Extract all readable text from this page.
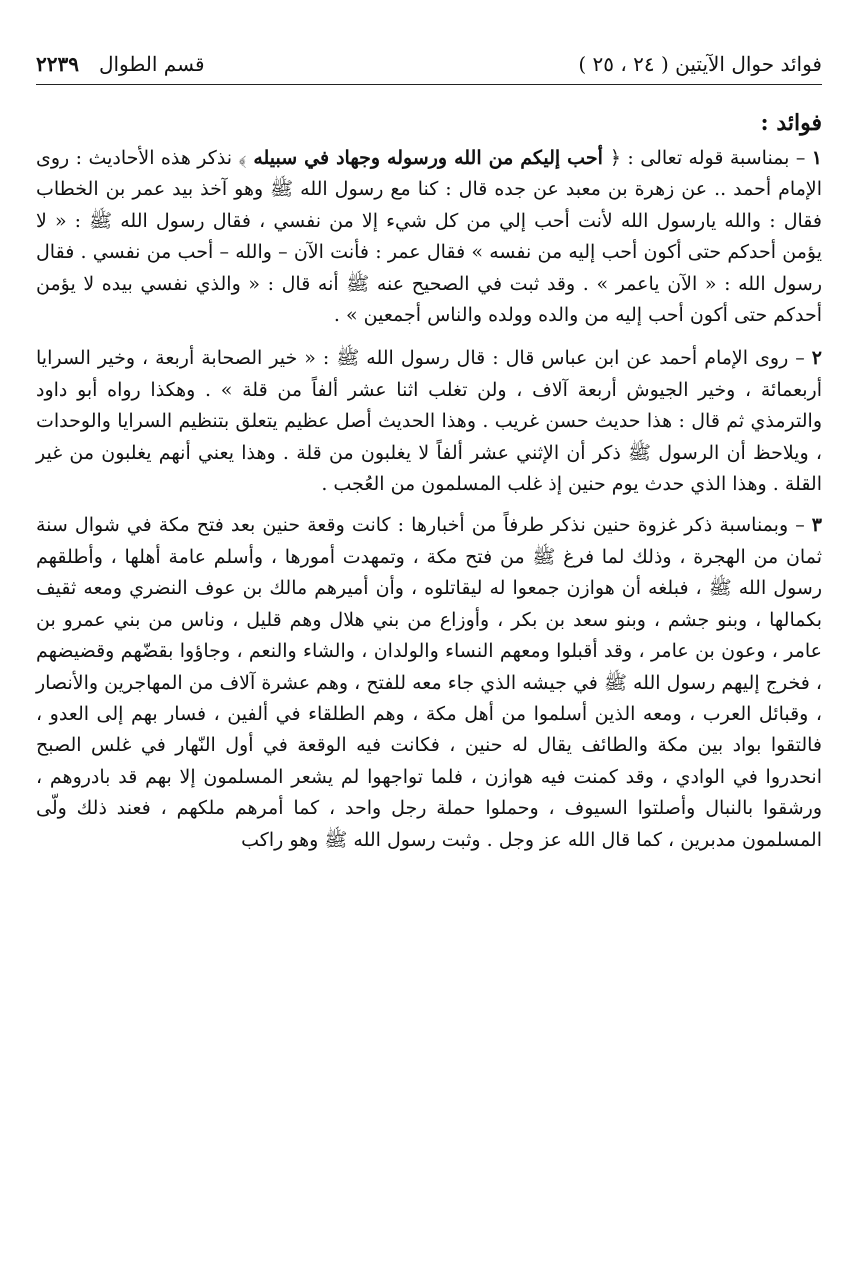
فوائد حوال الآيتين ( ٢٤ ، ٢٥ )
قسم الطوال
٢٢٣٩
فوائد :

١ – بمناسبة قوله تعالى : ﴿ أحب إليكم من الله ورسوله وجهاد في سبيله ﴾ نذكر هذه الأحاديث : روى الإمام أحمد .. عن زهرة بن معبد عن جده قال : كنا مع رسول الله ﷺ وهو آخذ بيد عمر بن الخطاب فقال : والله يارسول الله لأنت أحب إلي من كل شيء إلا من نفسي ، فقال رسول الله ﷺ : « لا يؤمن أحدكم حتى أكون أحب إليه من نفسه » فقال عمر : فأنت الآن – والله – أحب من نفسي . فقال رسول الله : « الآن ياعمر » . وقد ثبت في الصحيح عنه ﷺ أنه قال : « والذي نفسي بيده لا يؤمن أحدكم حتى أكون أحب إليه من والده وولده والناس أجمعين » .

٢ – روى الإمام أحمد عن ابن عباس قال : قال رسول الله ﷺ : « خير الصحابة أربعة ، وخير السرايا أربعمائة ، وخير الجيوش أربعة آلاف ، ولن تغلب اثنا عشر ألفاً من قلة » . وهكذا رواه أبو داود والترمذي ثم قال : هذا حديث حسن غريب . وهذا الحديث أصل عظيم يتعلق بتنظيم السرايا والوحدات ، ويلاحظ أن الرسول ﷺ ذكر أن الإثني عشر ألفاً لا يغلبون من قلة . وهذا يعني أنهم يغلبون من غير القلة . وهذا الذي حدث يوم حنين إذ غلب المسلمون من العُجب .

٣ – وبمناسبة ذكر غزوة حنين نذكر طرفاً من أخبارها : كانت وقعة حنين بعد فتح مكة في شوال سنة ثمان من الهجرة ، وذلك لما فرغ ﷺ من فتح مكة ، وتمهدت أمورها ، وأسلم عامة أهلها ، وأطلقهم رسول الله ﷺ ، فبلغه أن هوازن جمعوا له ليقاتلوه ، وأن أميرهم مالك بن عوف النضري ومعه ثقيف بكمالها ، وبنو جشم ، وبنو سعد بن بكر ، وأوزاع من بني هلال وهم قليل ، وناس من بني عمرو بن عامر ، وعون بن عامر ، وقد أقبلوا ومعهم النساء والولدان ، والشاء والنعم ، وجاؤوا بقضّهم وقضيضهم ، فخرج إليهم رسول الله ﷺ في جيشه الذي جاء معه للفتح ، وهم عشرة آلاف من المهاجرين والأنصار ، وقبائل العرب ، ومعه الذين أسلموا من أهل مكة ، وهم الطلقاء في ألفين ، فسار بهم إلى العدو ، فالتقوا بواد بين مكة والطائف يقال له حنين ، فكانت فيه الوقعة في أول النّهار في غلس الصبح انحدروا في الوادي ، وقد كمنت فيه هوازن ، فلما تواجهوا لم يشعر المسلمون إلا بهم قد بادروهم ، ورشقوا بالنبال وأصلتوا السيوف ، وحملوا حملة رجل واحد ، كما أمرهم ملكهم ، فعند ذلك ولّى المسلمون مدبرين ، كما قال الله عز وجل . وثبت رسول الله ﷺ وهو راكب
